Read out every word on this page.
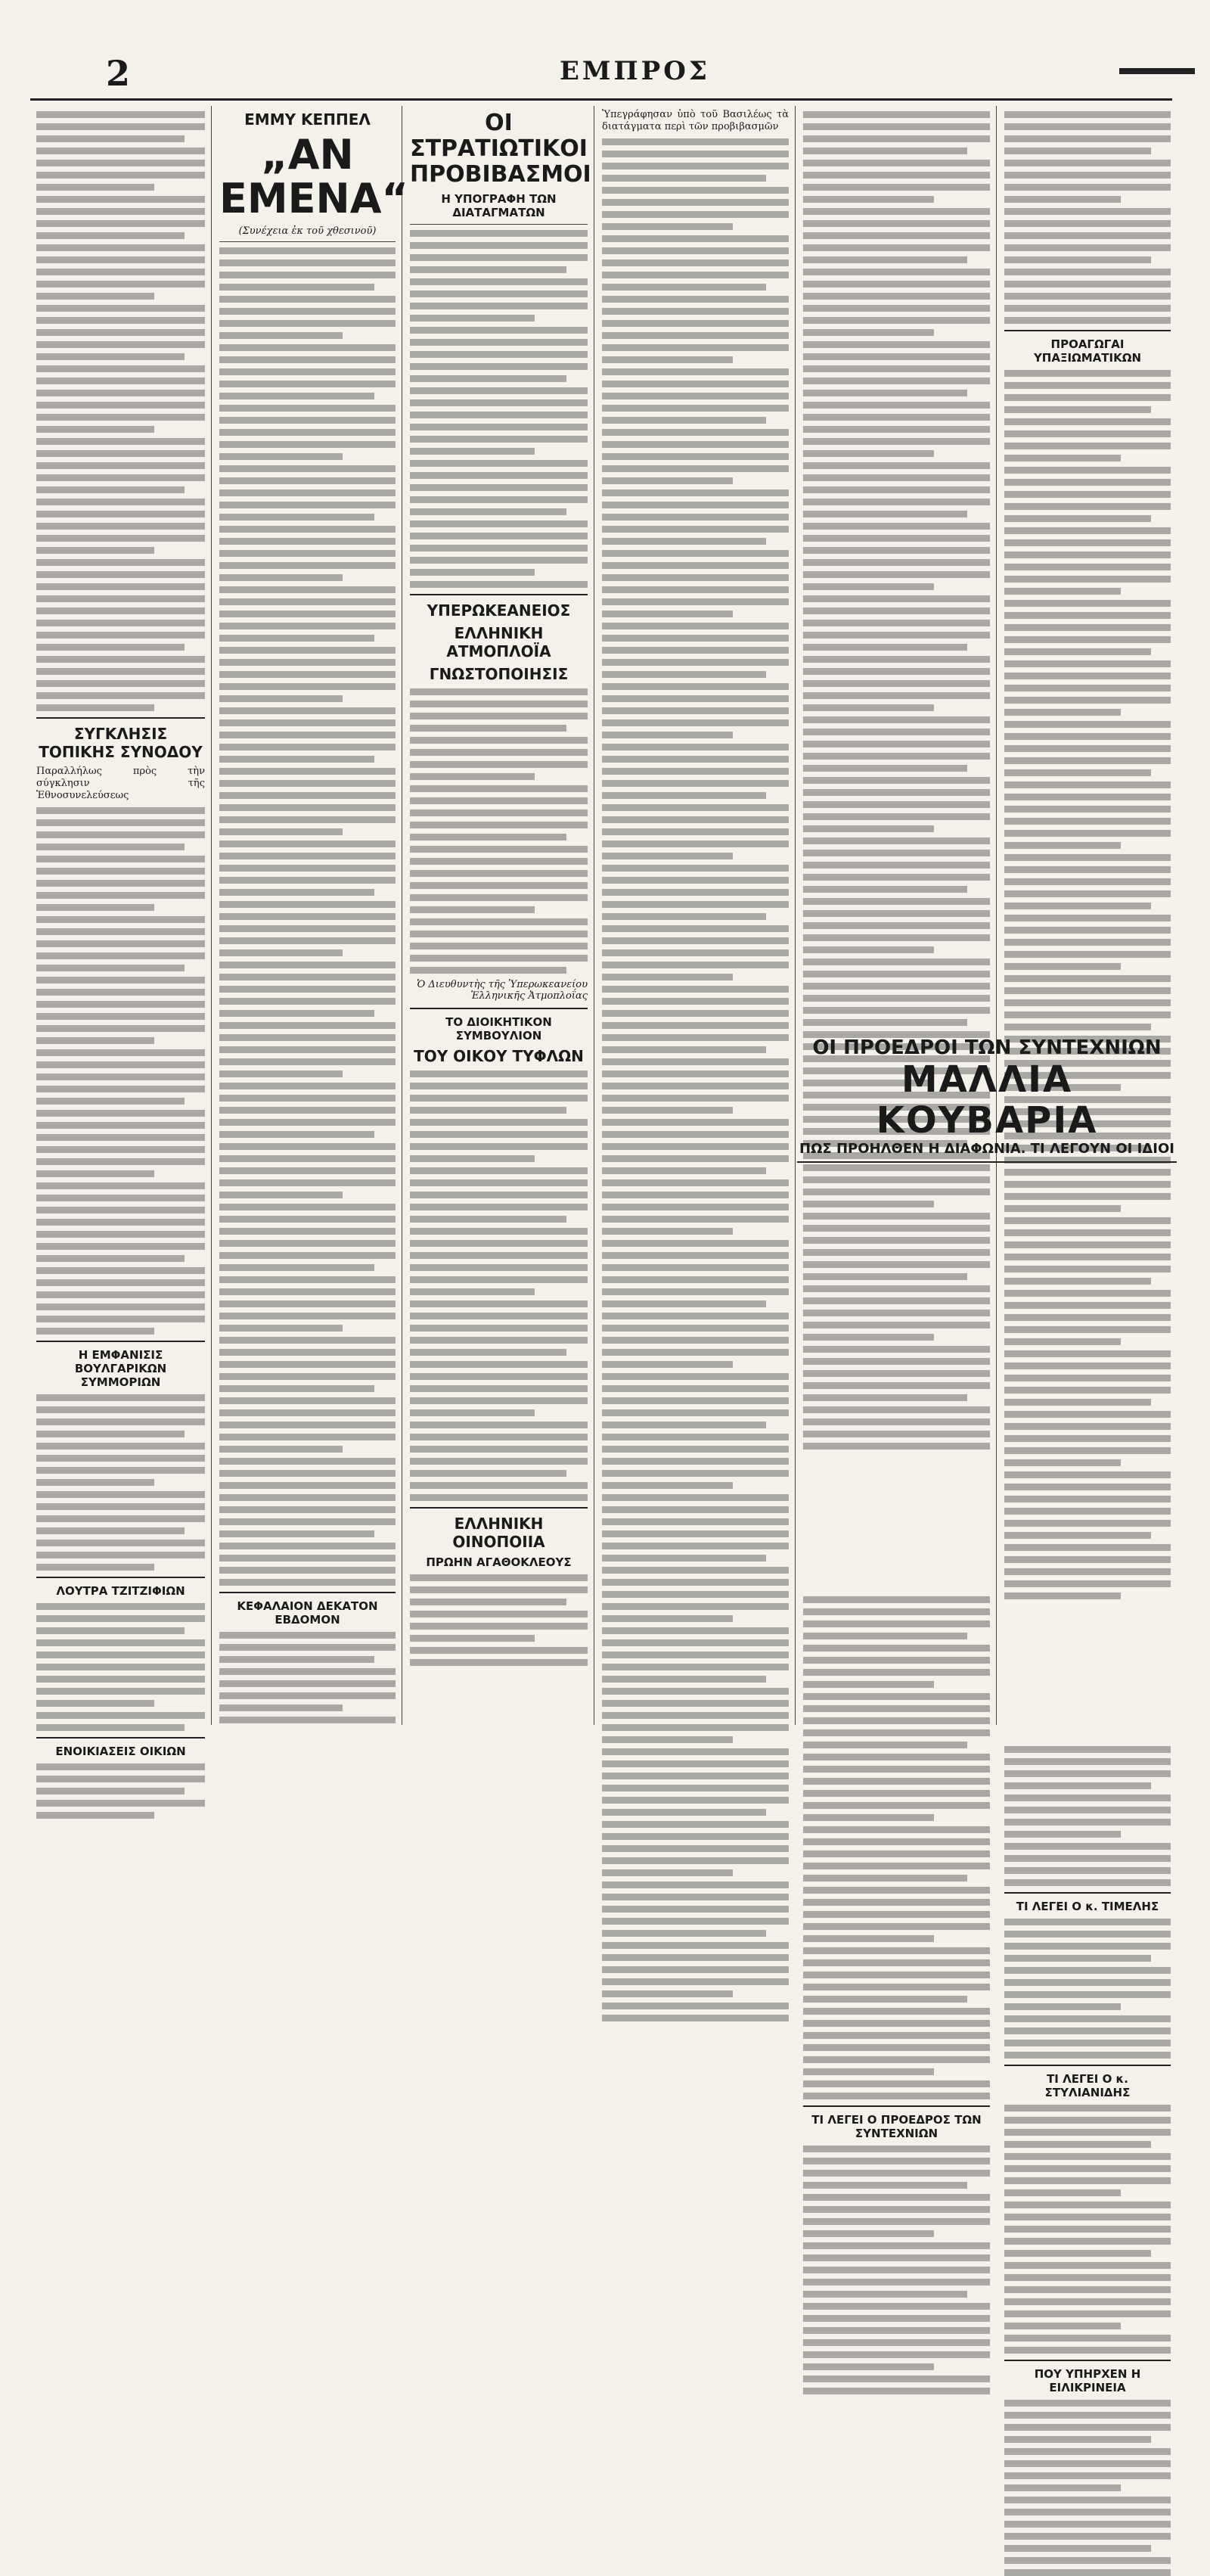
2	ΕΜΠΡΟΣ
ΣΥΓΚΛΗΣΙΣ ΤΟΠΙΚΗΣ ΣΥΝΟΔΟΥ
Παραλλήλως πρὸς τὴν σύγκλησιν τῆς Ἐθνοσυνελεύσεως
Η ΕΜΦΑΝΙΣΙΣ ΒΟΥΛΓΑΡΙΚΩΝ ΣΥΜΜΟΡΙΩΝ
ΛΟΥΤΡΑ ΤΖΙΤΖΙΦΙΩΝ
ΕΝΟΙΚΙΑΣΕΙΣ ΟΙΚΙΩΝ
ΕΜΜΥ ΚΕΠΠΕΛ
„ΑΝ ΕΜΕΝΑ“
(Συνέχεια ἐκ τοῦ χθεσινοῦ)
ΚΕΦΑΛΑΙΟΝ ΔΕΚΑΤΟΝ ΕΒΔΟΜΟΝ
ΟΙ ΣΤΡΑΤΙΩΤΙΚΟΙ ΠΡΟΒΙΒΑΣΜΟΙ
Η ΥΠΟΓΡΑΦΗ ΤΩΝ ΔΙΑΤΑΓΜΑΤΩΝ
ΥΠΕΡΩΚΕΑΝΕΙΟΣ
ΕΛΛΗΝΙΚΗ ΑΤΜΟΠΛΟΪΑ
ΓΝΩΣΤΟΠΟΙΗΣΙΣ
Ὁ Διευθυντὴς τῆς Ὑπερωκεανείου Ἑλληνικῆς Ἀτμοπλοΐας
ΤΟ ΔΙΟΙΚΗΤΙΚΟΝ ΣΥΜΒΟΥΛΙΟΝ
ΤΟΥ ΟΙΚΟΥ ΤΥΦΛΩΝ
ΕΛΛΗΝΙΚΗ ΟΙΝΟΠΟΙΙΑ
ΠΡΩΗΝ ΑΓΑΘΟΚΛΕΟΥΣ
Ὑπεγράφησαν ὑπὸ τοῦ Βασιλέως τὰ διατάγματα περὶ τῶν προβιβασμῶν
ΤΙ ΛΕΓΕΙ Ο ΠΡΟΕΔΡΟΣ ΤΩΝ ΣΥΝΤΕΧΝΙΩΝ
ΠΡΟΑΓΩΓΑΙ ΥΠΑΞΙΩΜΑΤΙΚΩΝ
ΤΙ ΛΕΓΕΙ Ο κ. ΤΙΜΕΛΗΣ
ΤΙ ΛΕΓΕΙ Ο κ. ΣΤΥΛΙΑΝΙΔΗΣ
ΠΟΥ ΥΠΗΡΧΕΝ Η ΕΙΛΙΚΡΙΝΕΙΑ
ΟΙ ΠΡΟΕΔΡΟΙ ΤΩΝ ΣΥΝΤΕΧΝΙΩΝ
ΜΑΛΛΙΑ ΚΟΥΒΑΡΙΑ
ΠΩΣ ΠΡΟΗΛΘΕΝ Η ΔΙΑΦΩΝΙΑ. ΤΙ ΛΕΓΟΥΝ ΟΙ ΙΔΙΟΙ
